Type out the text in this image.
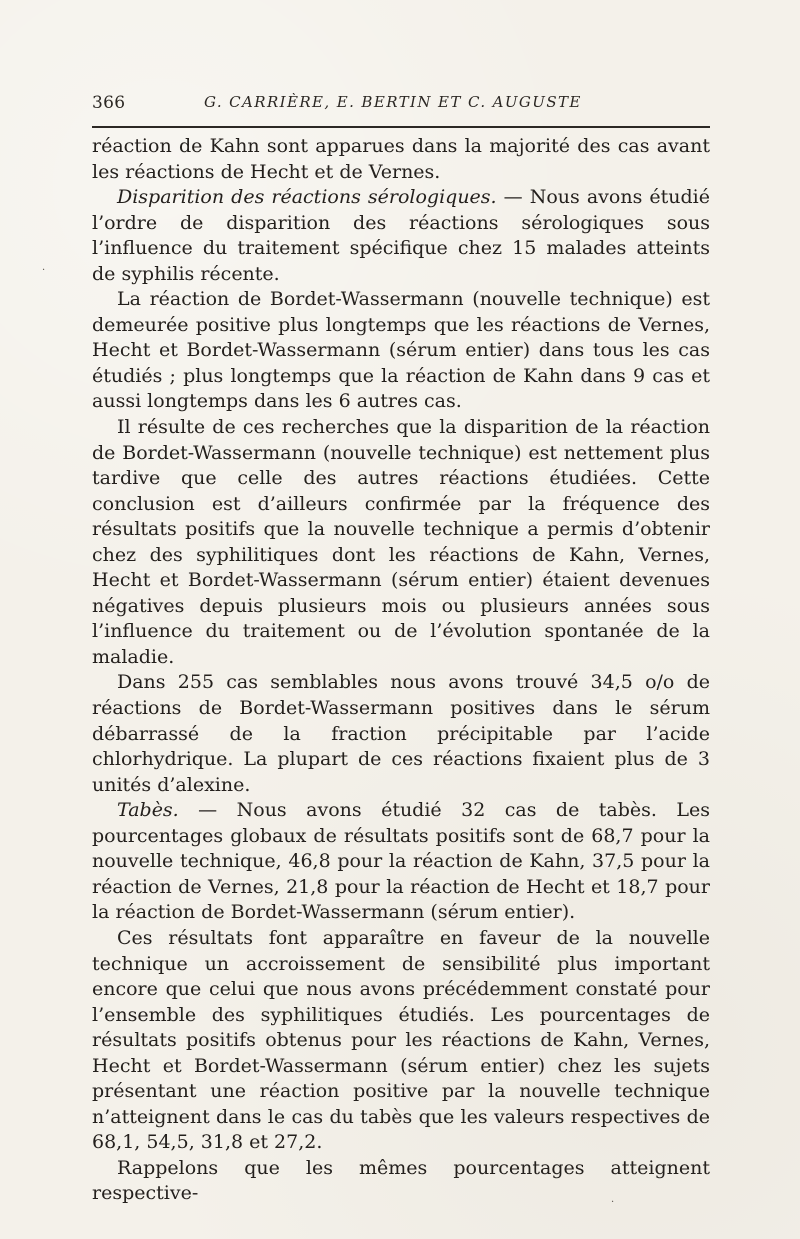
366	G. CARRIÈRE, E. BERTIN ET C. AUGUSTE

réaction de Kahn sont apparues dans la majorité des cas avant les réactions de Hecht et de Vernes.

Disparition des réactions sérologiques. — Nous avons étudié l’ordre de disparition des réactions sérologiques sous l’influence du traitement spécifique chez 15 malades atteints de syphilis récente.

La réaction de Bordet-Wassermann (nouvelle technique) est demeurée positive plus longtemps que les réactions de Vernes, Hecht et Bordet-Wassermann (sérum entier) dans tous les cas étudiés ; plus longtemps que la réaction de Kahn dans 9 cas et aussi longtemps dans les 6 autres cas.

Il résulte de ces recherches que la disparition de la réaction de Bordet-Wassermann (nouvelle technique) est nettement plus tardive que celle des autres réactions étudiées. Cette conclusion est d’ailleurs confirmée par la fréquence des résultats positifs que la nouvelle technique a permis d’obtenir chez des syphilitiques dont les réactions de Kahn, Vernes, Hecht et Bordet-Wassermann (sérum entier) étaient devenues négatives depuis plusieurs mois ou plusieurs années sous l’influence du traitement ou de l’évolution spontanée de la maladie.

Dans 255 cas semblables nous avons trouvé 34,5 o/o de réactions de Bordet-Wassermann positives dans le sérum débarrassé de la fraction précipitable par l’acide chlorhydrique. La plupart de ces réactions fixaient plus de 3 unités d’alexine.

Tabès. — Nous avons étudié 32 cas de tabès. Les pourcentages globaux de résultats positifs sont de 68,7 pour la nouvelle technique, 46,8 pour la réaction de Kahn, 37,5 pour la réaction de Vernes, 21,8 pour la réaction de Hecht et 18,7 pour la réaction de Bordet-Wassermann (sérum entier).

Ces résultats font apparaître en faveur de la nouvelle technique un accroissement de sensibilité plus important encore que celui que nous avons précédemment constaté pour l’ensemble des syphilitiques étudiés. Les pourcentages de résultats positifs obtenus pour les réactions de Kahn, Vernes, Hecht et Bordet-Wassermann (sérum entier) chez les sujets présentant une réaction positive par la nouvelle technique n’atteignent dans le cas du tabès que les valeurs respectives de 68,1, 54,5, 31,8 et 27,2.

Rappelons que les mêmes pourcentages atteignent respective-

·
·
